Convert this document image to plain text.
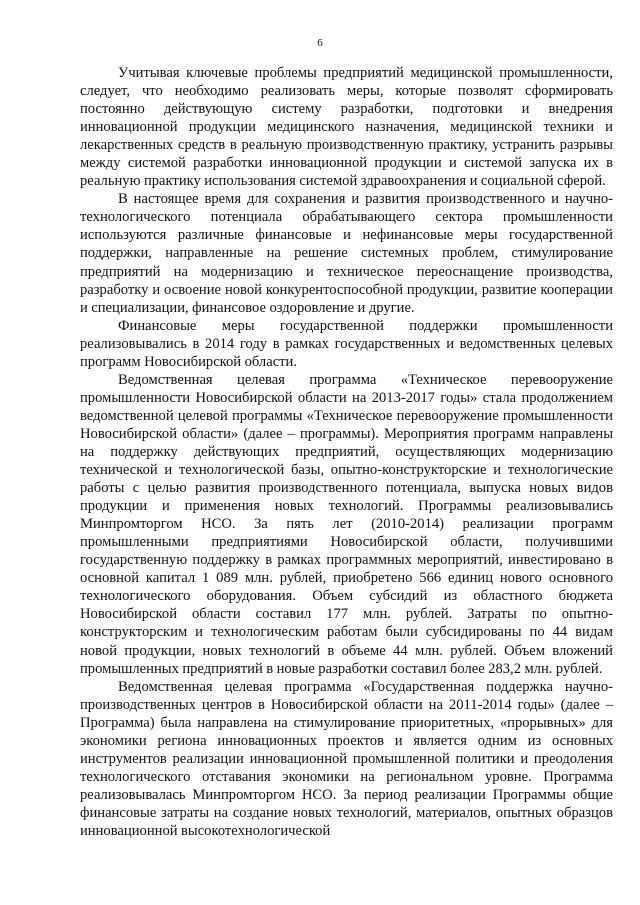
6

Учитывая ключевые проблемы предприятий медицинской промышленности, следует, что необходимо реализовать меры, которые позволят сформировать постоянно действующую систему разработки, подготовки и внедрения инновационной продукции медицинского назначения, медицинской техники и лекарственных средств в реальную производственную практику, устранить разрывы между системой разработки инновационной продукции и системой запуска их в реальную практику использования системой здравоохранения и социальной сферой.

В настоящее время для сохранения и развития производственного и научно-технологического потенциала обрабатывающего сектора промышленности используются различные финансовые и нефинансовые меры государственной поддержки, направленные на решение системных проблем, стимулирование предприятий на модернизацию и техническое переоснащение производства, разработку и освоение новой конкурентоспособной продукции, развитие кооперации и специализации, финансовое оздоровление и другие.

Финансовые меры государственной поддержки промышленности реализовывались в 2014 году в рамках государственных и ведомственных целевых программ Новосибирской области.

Ведомственная целевая программа «Техническое перевооружение промышленности Новосибирской области на 2013-2017 годы» стала продолжением ведомственной целевой программы «Техническое перевооружение промышленности Новосибирской области» (далее – программы). Мероприятия программ направлены на поддержку действующих предприятий, осуществляющих модернизацию технической и технологической базы, опытно-конструкторские и технологические работы с целью развития производственного потенциала, выпуска новых видов продукции и применения новых технологий. Программы реализовывались Минпромторгом НСО. За пять лет (2010-2014) реализации программ промышленными предприятиями Новосибирской области, получившими государственную поддержку в рамках программных мероприятий, инвестировано в основной капитал 1 089 млн. рублей, приобретено 566 единиц нового основного технологического оборудования. Объем субсидий из областного бюджета Новосибирской области составил 177 млн. рублей. Затраты по опытно-конструкторским и технологическим работам были субсидированы по 44 видам новой продукции, новых технологий в объеме 44 млн. рублей. Объем вложений промышленных предприятий в новые разработки составил более 283,2 млн. рублей.

Ведомственная целевая программа «Государственная поддержка научно-производственных центров в Новосибирской области на 2011-2014 годы» (далее – Программа) была направлена на стимулирование приоритетных, «прорывных» для экономики региона инновационных проектов и является одним из основных инструментов реализации инновационной промышленной политики и преодоления технологического отставания экономики на региональном уровне. Программа реализовывалась Минпромторгом НСО. За период реализации Программы общие финансовые затраты на создание новых технологий, материалов, опытных образцов инновационной высокотехнологической
